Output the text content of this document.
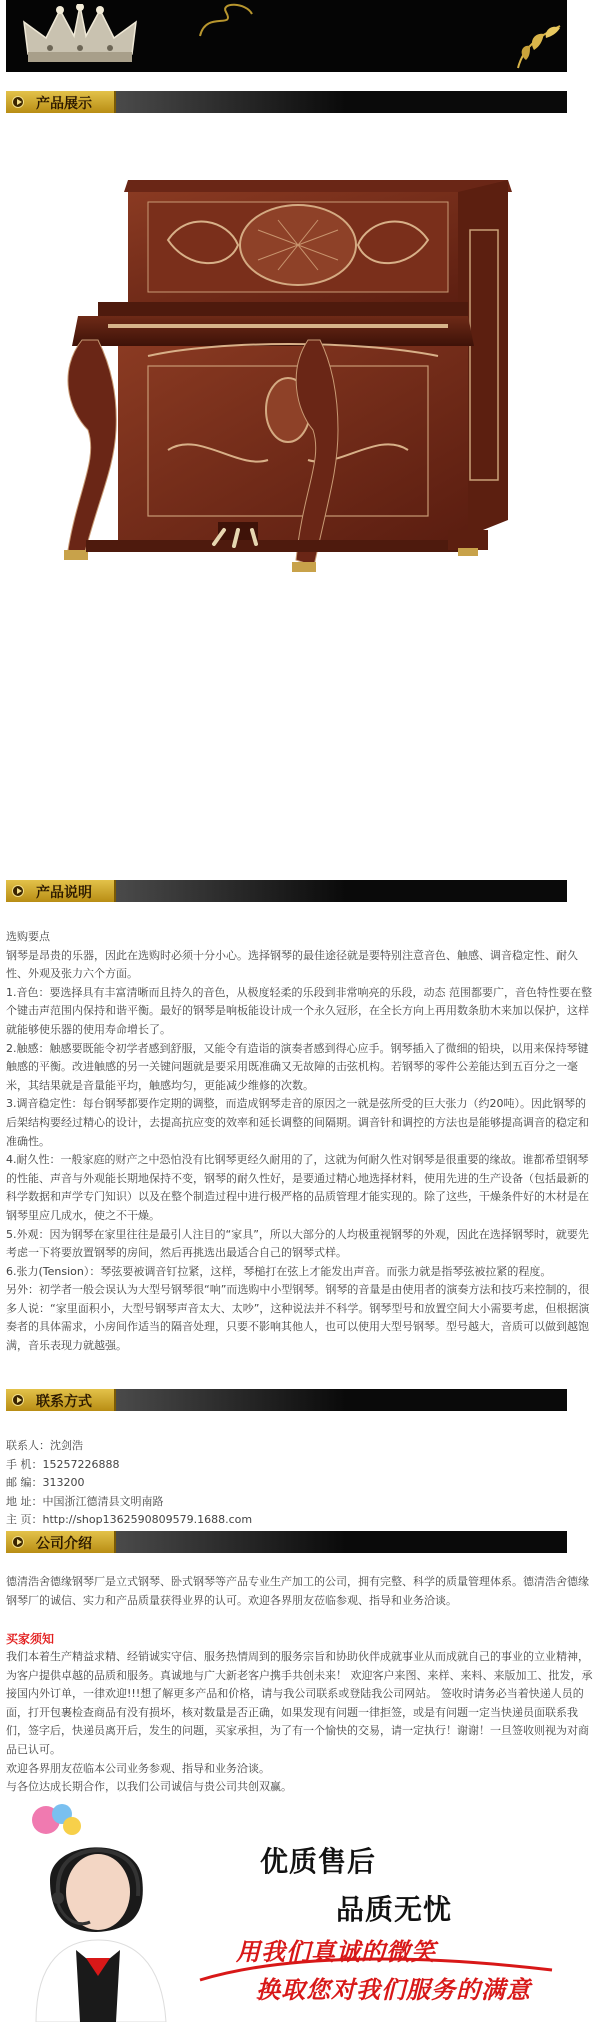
产品展示
产品说明

选购要点

钢琴是昂贵的乐器，因此在选购时必须十分小心。选择钢琴的最佳途径就是要特别注意音色、触感、调音稳定性、耐久性、外观及张力六个方面。

1.音色：要选择具有丰富清晰而且持久的音色，从极度轻柔的乐段到非常响亮的乐段，动态 范围都要广，音色特性要在整个键击声范围内保持和谐平衡。最好的钢琴是响板能设计成一个永久冠形，在全长方向上再用数条肋木来加以保护，这样就能够使乐器的使用寿命增长了。

2.触感：触感要既能令初学者感到舒服，又能令有造诣的演奏者感到得心应手。钢琴插入了微细的铅块，以用来保持琴键触感的平衡。改进触感的另一关键问题就是要采用既准确又无故障的击弦机构。若钢琴的零件公差能达到五百分之一毫米，其结果就是音量能平均，触感均匀，更能减少维修的次数。

3.调音稳定性：每台钢琴都要作定期的调整，而造成钢琴走音的原因之一就是弦所受的巨大张力（约20吨）。因此钢琴的后架结构要经过精心的设计，去提高抗应变的效率和延长调整的间隔期。调音针和调控的方法也是能够提高调音的稳定和准确性。

4.耐久性：一般家庭的财产之中恐怕没有比钢琴更经久耐用的了，这就为何耐久性对钢琴是很重要的缘故。谁都希望钢琴的性能、声音与外观能长期地保持不变，钢琴的耐久性好，是要通过精心地选择材料，使用先进的生产设备（包括最新的科学数据和声学专门知识）以及在整个制造过程中进行极严格的品质管理才能实现的。除了这些，干燥条件好的木材是在钢琴里应几成水，使之不干燥。

5.外观：因为钢琴在家里往往是最引人注目的“家具”，所以大部分的人均极重视钢琴的外观，因此在选择钢琴时，就要先考虑一下将要放置钢琴的房间，然后再挑选出最适合自己的钢琴式样。

6.张力(Tension）：琴弦要被调音钉拉紧，这样，琴槌打在弦上才能发出声音。而张力就是指琴弦被拉紧的程度。

另外：初学者一般会误认为大型号钢琴很“响”而选购中小型钢琴。钢琴的音量是由使用者的演奏方法和技巧来控制的，很多人说：“家里面积小，大型号钢琴声音太大、太吵”，这种说法并不科学。钢琴型号和放置空间大小需要考虑，但根据演奏者的具体需求，小房间作适当的隔音处理，只要不影响其他人，也可以使用大型号钢琴。型号越大，音质可以做到越饱满，音乐表现力就越强。

联系方式
联系人：沈剑浩
手 机：15257226888
邮 编：313200
地 址：中国浙江德清县文明南路
主 页：http://shop1362590809579.1688.com
公司介绍
德清浩舍德缘钢琴厂是立式钢琴、卧式钢琴等产品专业生产加工的公司，拥有完整、科学的质量管理体系。德清浩舍德缘钢琴厂的诚信、实力和产品质量获得业界的认可。欢迎各界朋友莅临参观、指导和业务洽谈。
买家须知

我们本着生产精益求精、经销诚实守信、服务热情周到的服务宗旨和协助伙伴成就事业从而成就自己的事业的立业精神，为客户提供卓越的品质和服务。真诚地与广大新老客户携手共创未来！ 欢迎客户来图、来样、来料、来版加工、批发，承接国内外订单，一律欢迎!!!想了解更多产品和价格，请与我公司联系或登陆我公司网站。 签收时请务必当着快递人员的面，打开包裹检查商品有没有损坏，核对数量是否正确，如果发现有问题一律拒签，或是有问题一定当快递员面联系我们，签字后，快递员离开后，发生的问题，买家承担，为了有一个愉快的交易，请一定执行！谢谢！一旦签收则视为对商品已认可。

欢迎各界朋友莅临本公司业务参观、指导和业务洽谈。

与各位达成长期合作，以我们公司诚信与贵公司共创双赢。

优质售后
品质无忧
用我们真诚的微笑
换取您对我们服务的满意
